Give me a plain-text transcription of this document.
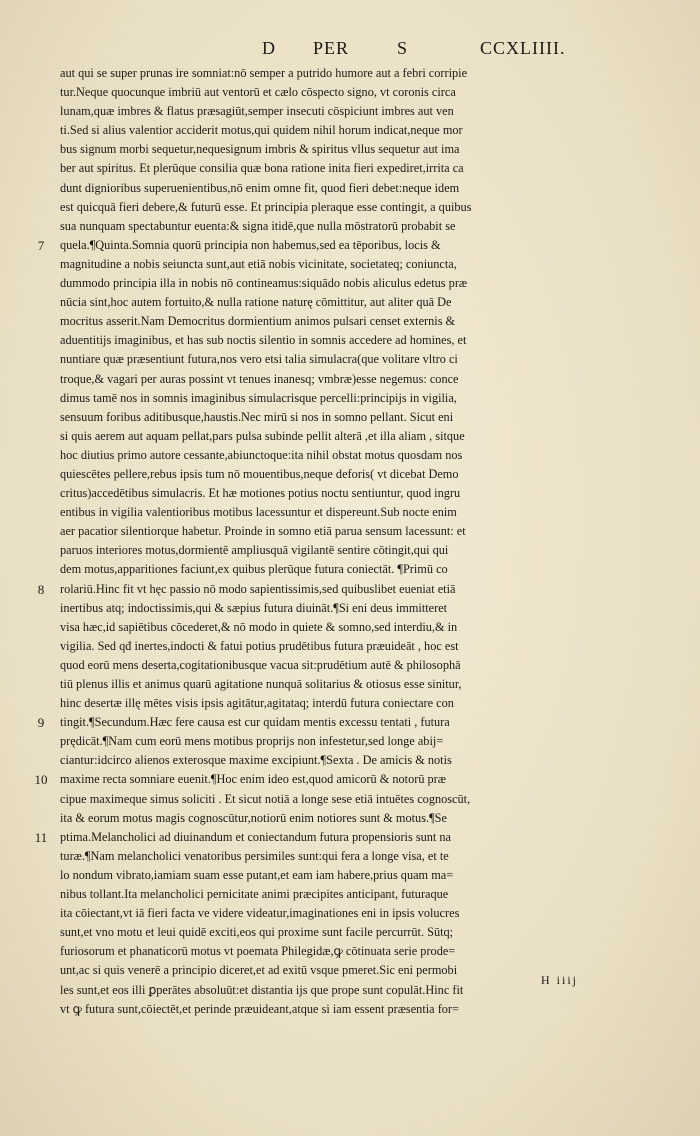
D PER	S	CCXLIIII.
aut qui se super prunas ire somniat:nō semper a putrido humore aut a febri corripie
tur.Neque quocunque imbriū aut ventorū et cælo cōspecto signo, vt coronis circa
lunam,quæ imbres & flatus præsagiūt,semper insecuti cōspiciunt imbres aut ven
ti.Sed si alius valentior acciderit motus,qui quidem nihil horum indicat,neque mor
bus signum morbi sequetur,nequesignum imbris & spiritus vllus sequetur aut ima
ber aut spiritus. Et plerūque consilia quæ bona ratione inita fieri expediret,irrita ca
dunt dignioribus superuenientibus,nō enim omne fit, quod fieri debet:neque idem
est quicquā fieri debere,& futurū esse. Et principia pleraque esse contingit, a quibus
sua nunquam spectabuntur euenta:& signa itidē,que nulla mōstratorū probabit se
quela.¶Quinta.Somnia quorū principia non habemus,sed ea tēporibus, locis &
7
magnitudine a nobis seiuncta sunt,aut etiā nobis vicinitate, societateq; coniuncta,
dummodo principia illa in nobis nō contineamus:siquādo nobis aliculus edetus præ
nūcia sint,hoc autem fortuito,& nulla ratione naturę cōmittitur, aut aliter quā De
mocritus asserit.Nam Democritus dormientium animos pulsari censet externis &
aduentitijs imaginibus, et has sub noctis silentio in somnis accedere ad homines, et
nuntiare quæ præsentiunt futura,nos vero etsi talia simulacra(que volitare vltro ci
troque,& vagari per auras possint vt tenues inanesq; vmbræ)esse negemus: conce
dimus tamē nos in somnis imaginibus simulacrisque percelli:principijs in vigilia,
sensuum foribus aditibusque,haustis.Nec mirū si nos in somno pellant. Sicut eni
si quis aerem aut aquam pellat,pars pulsa subinde pellit alterā ,et illa aliam , sitque
hoc diutius primo autore cessante,abiunctoque:ita nihil obstat motus quosdam nos
quiescētes pellere,rebus ipsis tum nō mouentibus,neque deforis( vt dicebat Demo
critus)accedētibus simulacris. Et hæ motiones potius noctu sentiuntur, quod ingru
entibus in vigilia valentioribus motibus lacessuntur et dispereunt.Sub nocte enim
aer pacatior silentiorque habetur. Proinde in somno etiā parua sensum lacessunt: et
paruos interiores motus,dormientē ampliusquā vigilantē sentire cōtingit,qui qui
dem motus,apparitiones faciunt,ex quibus plerūque futura coniectāt. ¶Primū co
rolariū.Hinc fit vt hęc passio nō modo sapientissimis,sed quibuslibet eueniat etiā
8
inertibus atq; indoctissimis,qui & sæpius futura diuināt.¶Si eni deus immitteret
visa hæc,id sapiētibus cōcederet,& nō modo in quiete & somno,sed interdiu,& in
vigilia. Sed qđ inertes,indocti & fatui potius prudētibus futura præuideāt , hoc est
quod eorū mens deserta,cogitationibusque vacua sit:prudētium autē & philosophā
tiū plenus illis et animus quarū agitatione nunquā solitarius & otiosus esse sinitur,
hinc desertæ illę mētes visis ipsis agitātur,agitataq; interdū futura coniectare con
tingit.¶Secundum.Hæc fere causa est cur quidam mentis excessu tentati , futura
9
prędicāt.¶Nam cum eorū mens motibus proprijs non infestetur,sed longe abij=
ciantur:idcirco alienos exterosque maxime excipiunt.¶Sexta . De amicis & notis
maxime recta somniare euenit.¶Hoc enim ideo est,quod amicorū & notorū præ
10
cipue maximeque simus soliciti . Et sicut notiā a longe sese etiā intuētes cognoscūt,
ita & eorum motus magis cognoscūtur,notiorū enim notiores sunt & motus.¶Se
ptima.Melancholici ad diuinandum et coniectandum futura propensioris sunt na
11
turæ.¶Nam melancholici venatoribus persimiles sunt:qui fera a longe visa, et te
lo nondum vibrato,iamiam suam esse putant,et eam iam habere,prius quam ma=
nibus tollant.Ita melancholici pernicitate animi præcipites anticipant, futuraque
ita cōiectant,vt iā fieri facta ve videre videatur,imaginationes eni in ipsis volucres
sunt,et vno motu et leui quidē exciti,eos qui proxime sunt facile percurrūt. Sūtq;
furiosorum et phanaticorū motus vt poemata Philegidæ,ꝙ cōtinuata serie prode=
unt,ac si quis venerē a principio diceret,et ad exitū vsque pmeret.Sic eni permobi
les sunt,et eos illi ꝑperātes absoluūt:et distantia ijs que prope sunt copulāt.Hinc fit
vt ꝙ futura sunt,cōiectēt,et perinde præuideant,atque si iam essent præsentia for=
H iiij
